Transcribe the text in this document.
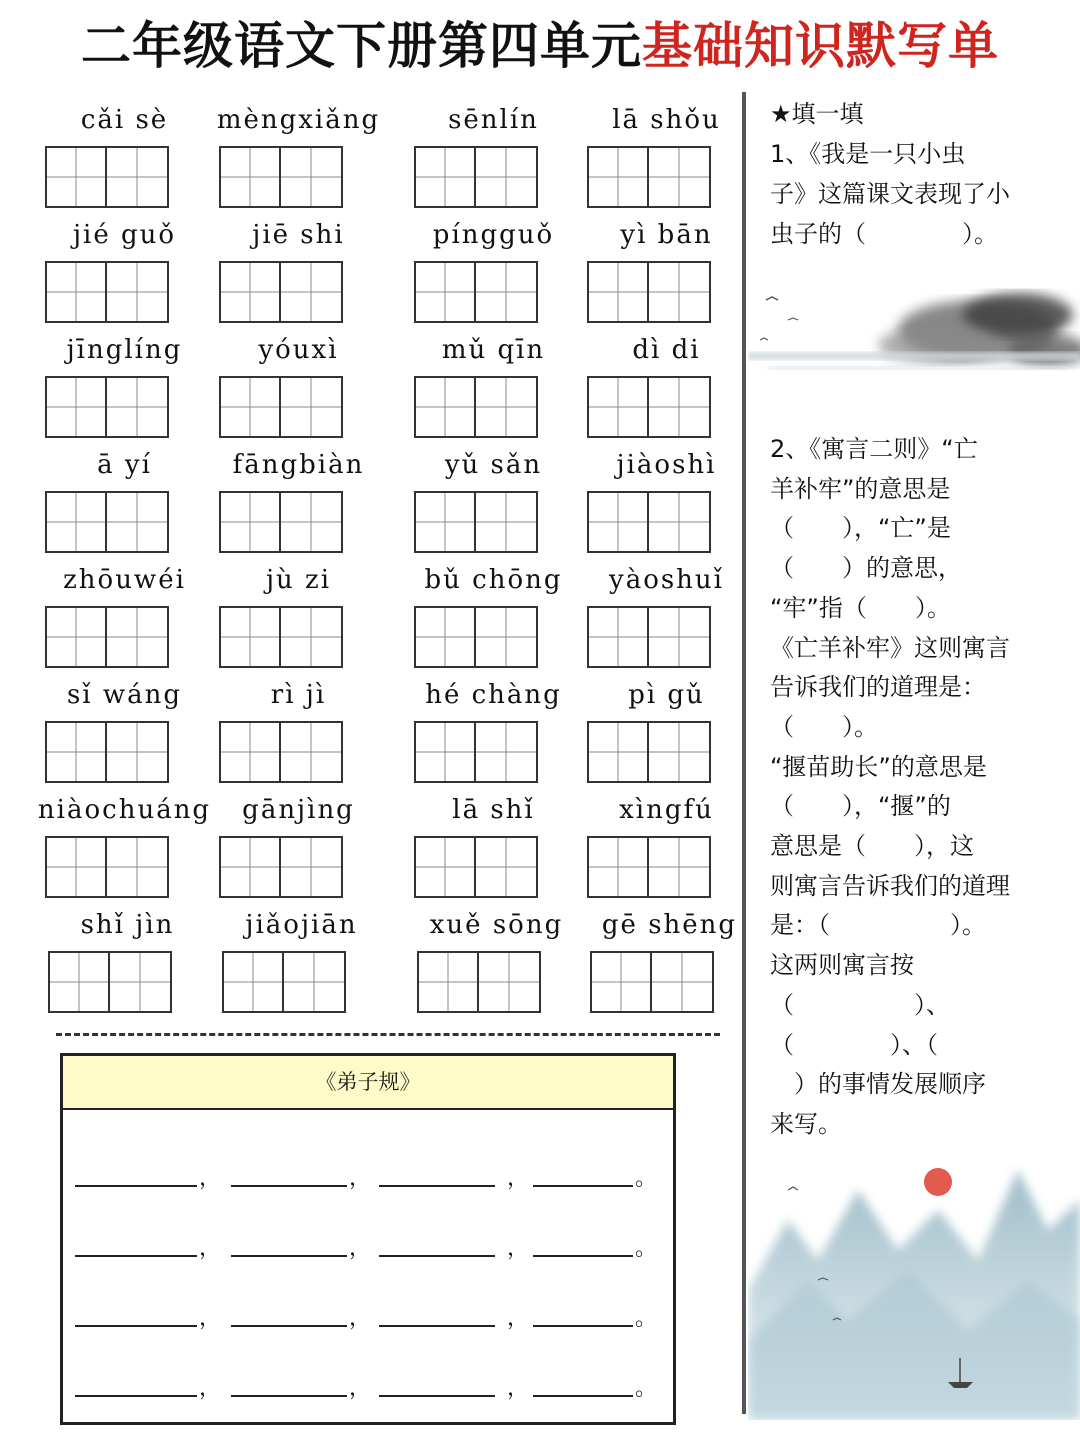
二年级语文下册第四单元基础知识默写单
cǎi sè	mèngxiǎng	sēnlín	lā shǒu
jié guǒ	jiē shi	píngguǒ	yì bān
jīnglíng	yóuxì	mǔ qīn	dì di
ā yí	fāngbiàn	yǔ sǎn	jiàoshì
zhōuwéi	jù zi	bǔ chōng	yàoshuǐ
sǐ wáng	rì jì	hé chàng	pì gǔ
niàochuáng	gānjìng	lā shǐ	xìngfú
shǐ jìn	jiǎojiān	xuě sōng	gē shēng
《弟子规》
，	，	，	。
，	，	，	。
，	，	，	。
，	，	，	。

★填一填

1、《我是一只小虫

子》这篇课文表现了小

虫子的（　　　　）。

2、《寓言二则》“亡

羊补牢”的意思是

（　　），“亡”是

（　　）的意思，

“牢”指（　　）。

《亡羊补牢》这则寓言

告诉我们的道理是：

（　　）。

“揠苗助长”的意思是

（　　），“揠”的

意思是（　　），这

则寓言告诉我们的道理

是：（　　　　　）。

这两则寓言按

（　　　　　）、

（　　　　）、（

　）的事情发展顺序

来写。
